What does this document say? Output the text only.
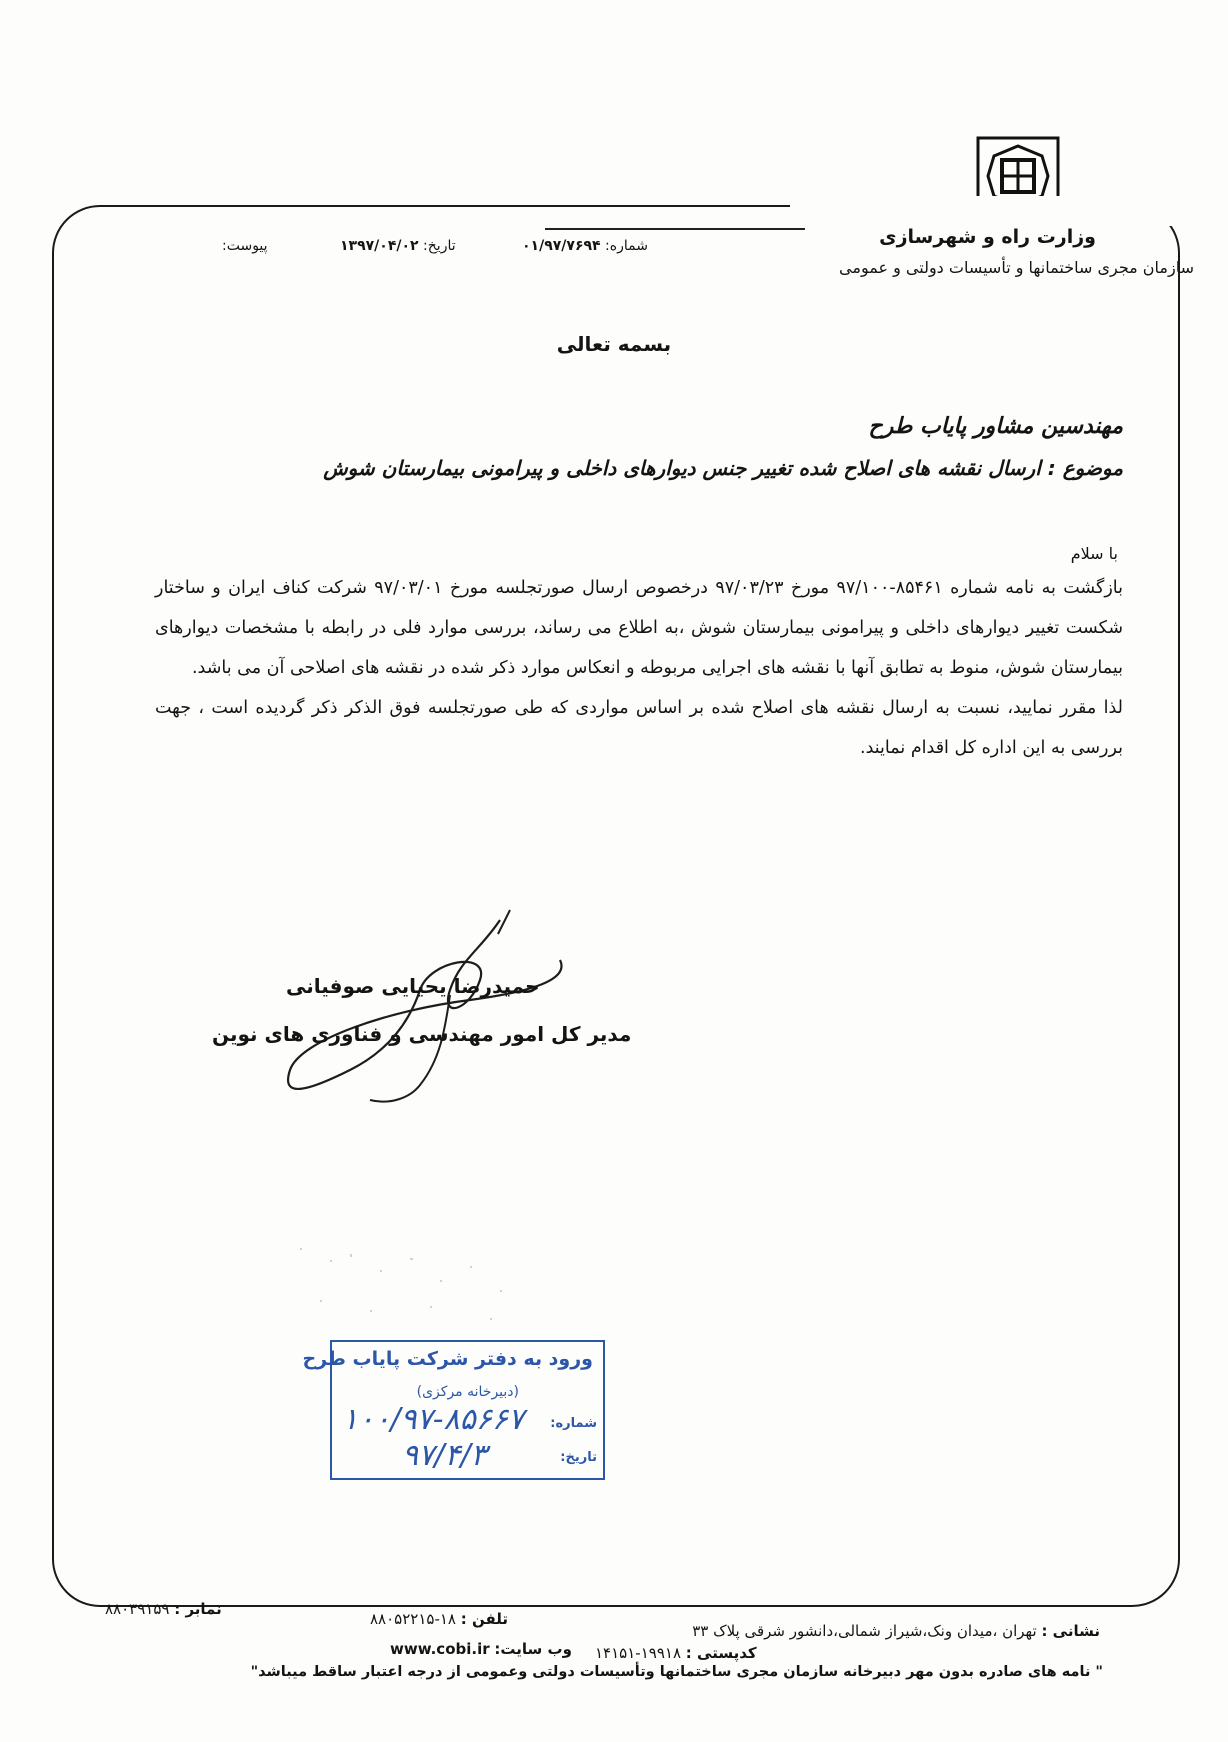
وزارت راه و شهرسازی
سازمان مجری ساختمانها و تأسیسات دولتی و عمومی
شماره: ۰۱/۹۷/۷۶۹۴
تاریخ: ۱۳۹۷/۰۴/۰۲
پیوست:
بسمه تعالی
مهندسین مشاور پایاب طرح
موضوع : ارسال نقشه های اصلاح شده تغییر جنس دیوارهای داخلی و پیرامونی بیمارستان شوش
با سلام

بازگشت به نامه شماره ۸۵۴۶۱-۹۷/۱۰۰ مورخ ۹۷/۰۳/۲۳ درخصوص ارسال صورتجلسه مورخ ۹۷/۰۳/۰۱ شرکت کناف ایران و ساختار شکست تغییر دیوارهای داخلی و پیرامونی بیمارستان شوش ،به اطلاع می رساند، بررسی موارد فلی در رابطه با مشخصات دیوارهای بیمارستان شوش، منوط به تطابق آنها با نقشه های اجرایی مربوطه و انعکاس موارد ذکر شده در نقشه های اصلاحی آن می باشد.

لذا مقرر نمایید، نسبت به ارسال نقشه های اصلاح شده بر اساس مواردی که طی صورتجلسه فوق الذکر ذکر گردیده است ، جهت بررسی به این اداره کل اقدام نمایند.

حمیدرضا یحیایی صوفیانی
مدیر کل امور مهندسی و فناوری های نوین
ورود به دفتر شرکت پایاب طرح
(دبیرخانه مرکزی)
شماره:
۱۰۰/۹۷-۸۵۶۶۷
تاریخ:
۹۷/۴/۳
نشانی : تهران ،میدان ونک،شیراز شمالی،دانشور شرقی پلاک ۳۳
تلفن : ۱۸-۸۸۰۵۲۲۱۵
نمابر : ۸۸۰۳۹۱۵۹
کدپستی : ۱۹۹۱۸-۱۴۱۵۱
وب سایت: www.cobi.ir
" نامه های صادره بدون مهر دبیرخانه سازمان مجری ساختمانها وتأسیسات دولتی وعمومی از درجه اعتبار ساقط میباشد"
